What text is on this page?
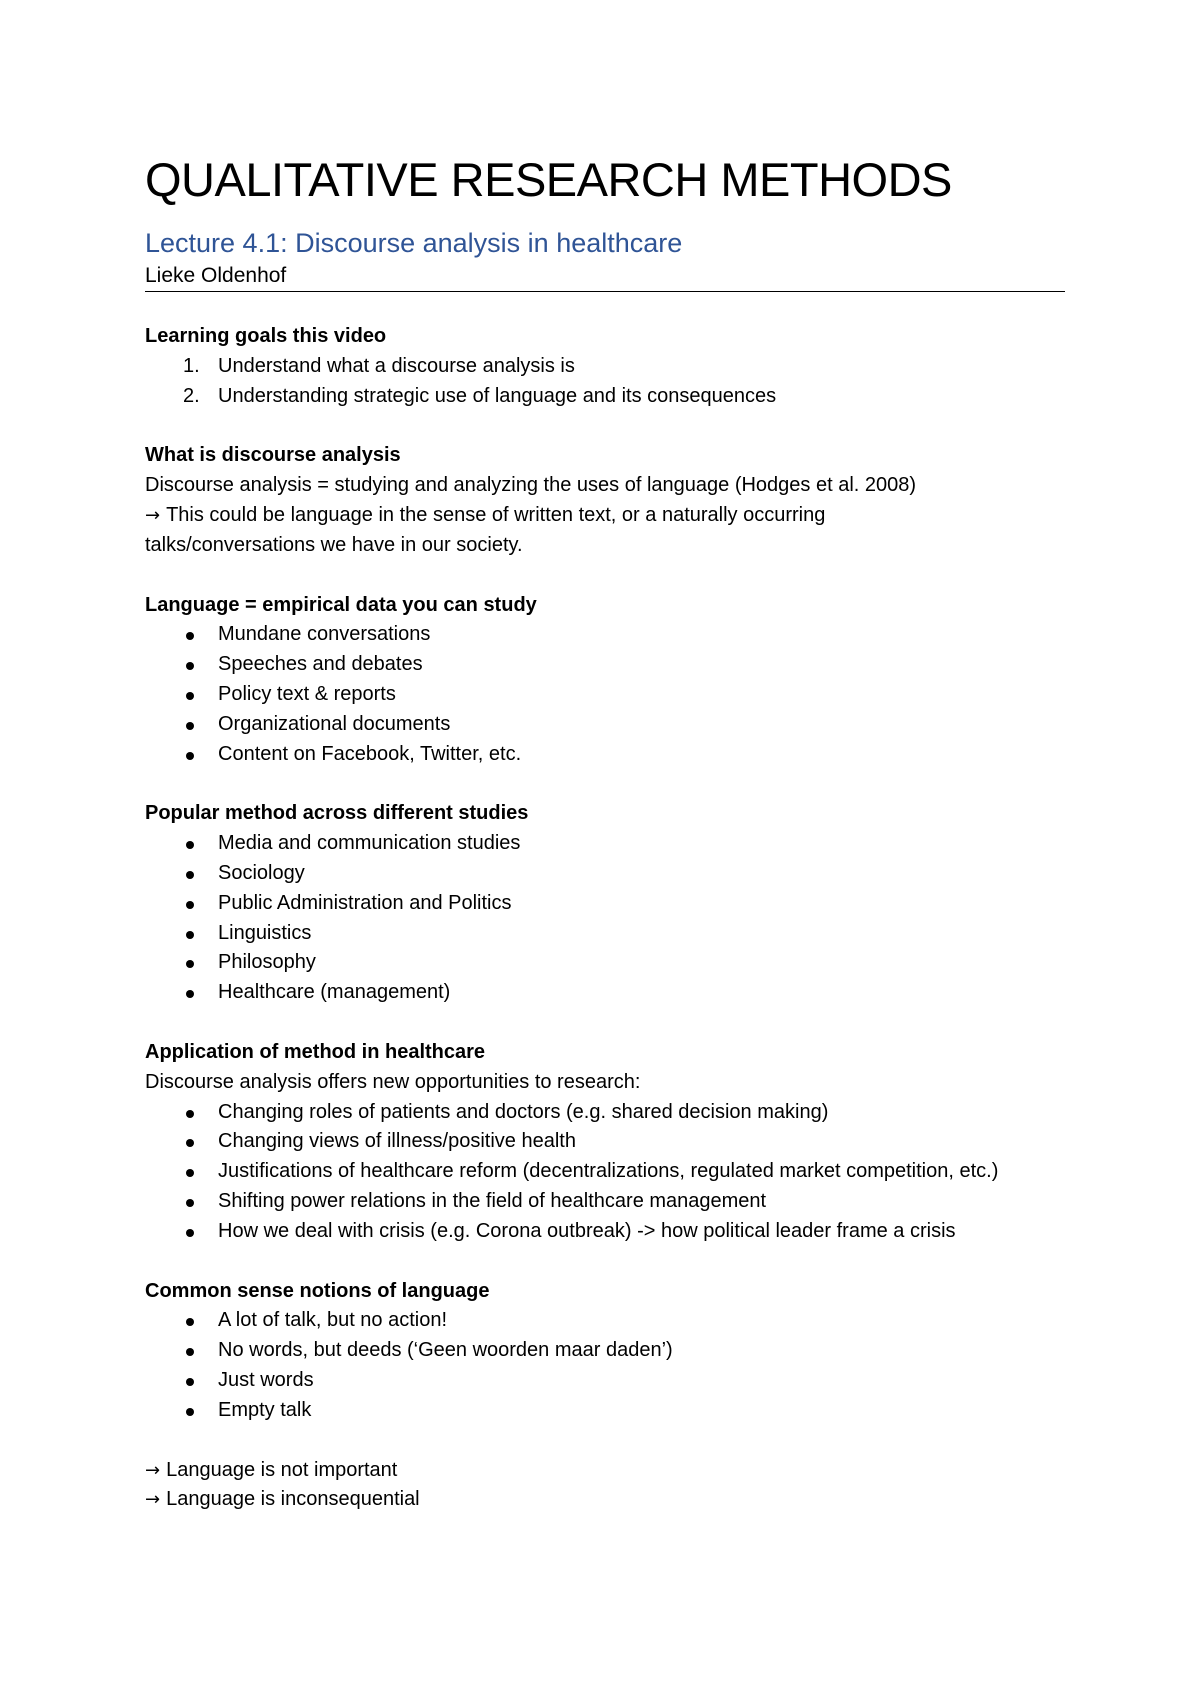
QUALITATIVE RESEARCH METHODS
Lecture 4.1: Discourse analysis in healthcare
Lieke Oldenhof
Learning goals this video
1. Understand what a discourse analysis is
2. Understanding strategic use of language and its consequences
What is discourse analysis
Discourse analysis = studying and analyzing the uses of language (Hodges et al. 2008)
→ This could be language in the sense of written text, or a naturally occurring
talks/conversations we have in our society.
Language = empirical data you can study
Mundane conversations
Speeches and debates
Policy text & reports
Organizational documents
Content on Facebook, Twitter, etc.
Popular method across different studies
Media and communication studies
Sociology
Public Administration and Politics
Linguistics
Philosophy
Healthcare (management)
Application of method in healthcare
Discourse analysis offers new opportunities to research:
Changing roles of patients and doctors (e.g. shared decision making)
Changing views of illness/positive health
Justifications of healthcare reform (decentralizations, regulated market competition, etc.)
Shifting power relations in the field of healthcare management
How we deal with crisis (e.g. Corona outbreak) -> how political leader frame a crisis
Common sense notions of language
A lot of talk, but no action!
No words, but deeds (‘Geen woorden maar daden’)
Just words
Empty talk
→ Language is not important
→ Language is inconsequential
